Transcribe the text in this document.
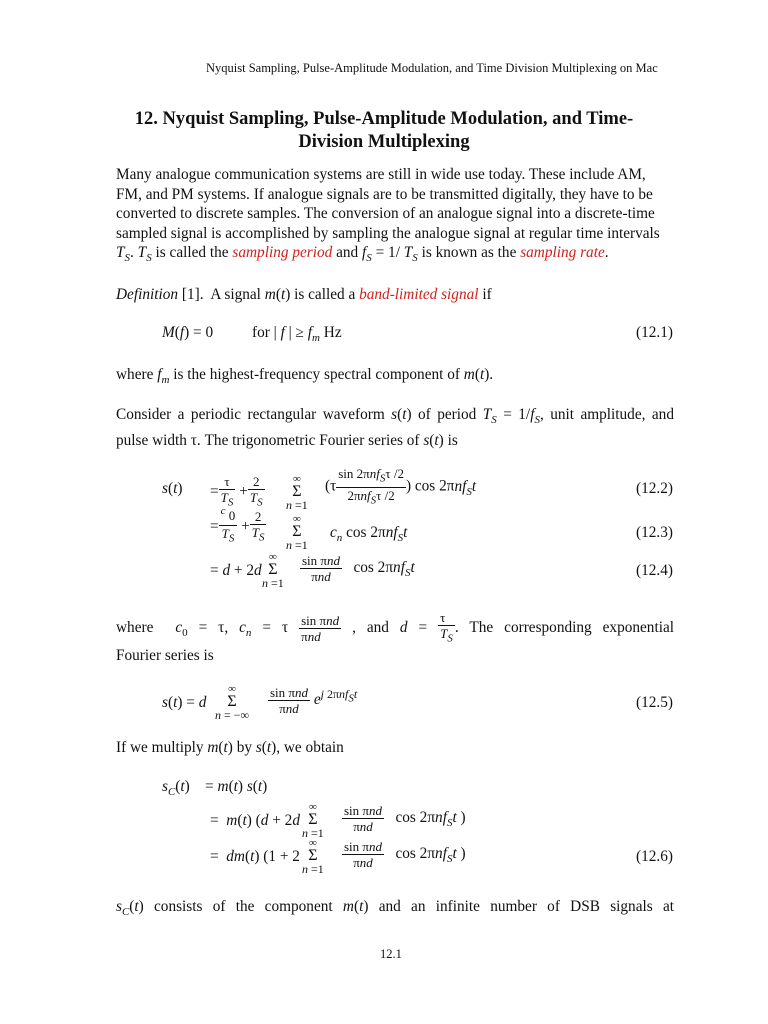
Nyquist Sampling, Pulse-Amplitude Modulation, and Time Division Multiplexing on Mac
12. Nyquist Sampling, Pulse-Amplitude Modulation, and Time-
Division Multiplexing
Many analogue communication systems are still in wide use today. These include AM,
FM, and PM systems. If analogue signals are to be transmitted digitally, they have to be
converted to discrete samples. The conversion of an analogue signal into a discrete-time
sampled signal is accomplished by sampling the analogue signal at regular time intervals
$T_S$. $T_S$ is called the sampling period and $f_S = 1/$ $T_S$ is known as the sampling rate.
Definition [1]. A signal m(t) is called a band-limited signal if
M(f) = 0	for | f | ≥ $f_m$ Hz	(12.1)
where $f_m$ is the highest-frequency spectral component of m(t).
Consider a periodic rectangular waveform s(t) of period $T_S = 1/f_S$, unit amplitude, and
pulse width τ. The trigonometric Fourier series of s(t) is
$s(t) = \frac{\tau}{T_S} + \frac{2}{T_S}$	∞
Σ
n =1
($\tau \frac{\sin 2\pi nf_S\tau /2}{2\pi nf_S\tau /2}$ ) cos 2πnf$_S$t	(12.2)
= $\frac{^c 0}{T_S} + \frac{2}{T_S}$	∞
Σ
n =1
$c_n$ cos 2πnf$_S$t	(12.3)
= d + 2d
∞
Σ
$n =1 \frac{\text{sin πnd}}{\text{πnd}}$ cos 2πnf$_S$t	(12.4)
where  $c_0 = \tau$, $c_n = \tau \frac{\text{sin πnd}}{\text{πnd}}$ , and $d = \frac{\tau}{T_S}$ . The corresponding exponential
Fourier series is
s(t) = d
∞
Σ
n = −∞ $\frac{\text{sin πnd}}{\text{πnd}} e^{j 2\pi nf_St}$
(12.5)
If we multiply m(t) by s(t), we obtain
$s_C(t)$    = m(t) s(t)
=  m(t) (d + 2d
∞
Σ
$n =1 \frac{\text{sin πnd}}{\text{πnd}}$ cos 2πnf$_S$t )
=  dm(t) (1 + 2
∞
Σ
$n =1 \frac{\text{sin πnd}}{\text{πnd}}$ cos 2πnf$_S$t )	(12.6)
$s_C(t)$ consists of the component m(t) and an infinite number of DSB signals at
12.1
